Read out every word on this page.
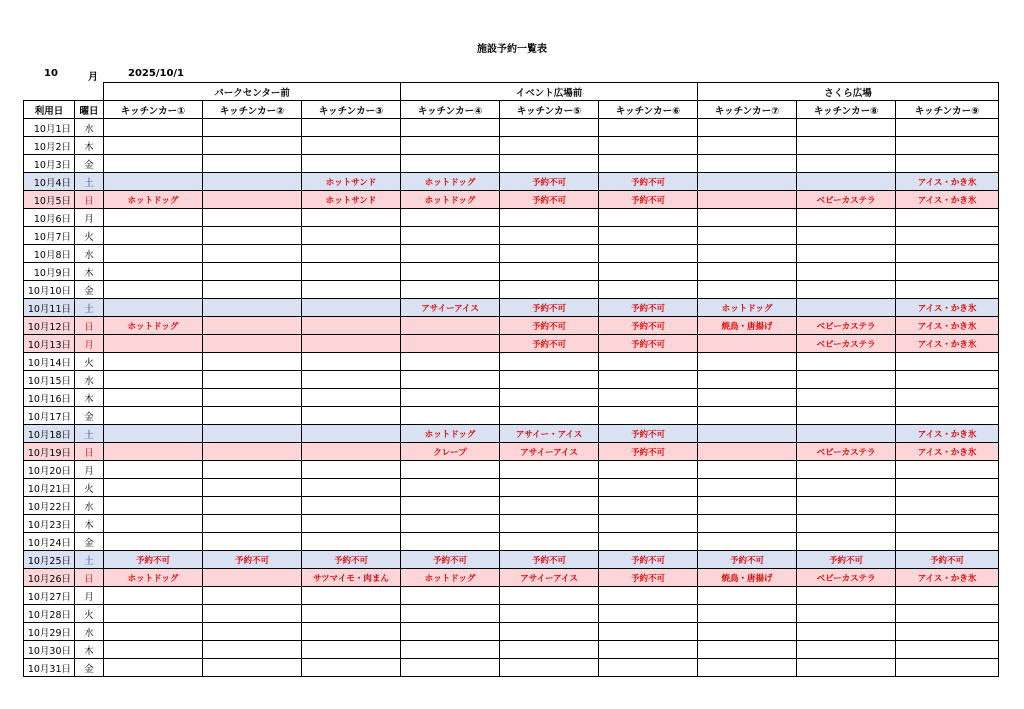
施設予約一覧表
10	月	2025/10/1
		パークセンター前			イベント広場前			さくら広場		
利用日	曜日	キッチンカー①	キッチンカー②	キッチンカー③	キッチンカー④	キッチンカー⑤	キッチンカー⑥	キッチンカー⑦	キッチンカー⑧	キッチンカー⑨
10月1日	水									
10月2日	木									
10月3日	金									
10月4日	土			ホットサンド	ホットドッグ	予約不可	予約不可			アイス・かき氷
10月5日	日	ホットドッグ		ホットサンド	ホットドッグ	予約不可	予約不可		ベビーカステラ	アイス・かき氷
10月6日	月									
10月7日	火									
10月8日	水									
10月9日	木									
10月10日	金									
10月11日	土				アサイーアイス	予約不可	予約不可	ホットドッグ		アイス・かき氷
10月12日	日	ホットドッグ				予約不可	予約不可	焼鳥・唐揚げ	ベビーカステラ	アイス・かき氷
10月13日	月					予約不可	予約不可		ベビーカステラ	アイス・かき氷
10月14日	火									
10月15日	水									
10月16日	木									
10月17日	金									
10月18日	土				ホットドッグ	アサイー・アイス	予約不可			アイス・かき氷
10月19日	日				クレープ	アサイーアイス	予約不可		ベビーカステラ	アイス・かき氷
10月20日	月									
10月21日	火									
10月22日	水									
10月23日	木									
10月24日	金									
10月25日	土	予約不可	予約不可	予約不可	予約不可	予約不可	予約不可	予約不可	予約不可	予約不可
10月26日	日	ホットドッグ		サツマイモ・肉まん	ホットドッグ	アサイーアイス	予約不可	焼鳥・唐揚げ	ベビーカステラ	アイス・かき氷
10月27日	月									
10月28日	火									
10月29日	水									
10月30日	木									
10月31日	金									
